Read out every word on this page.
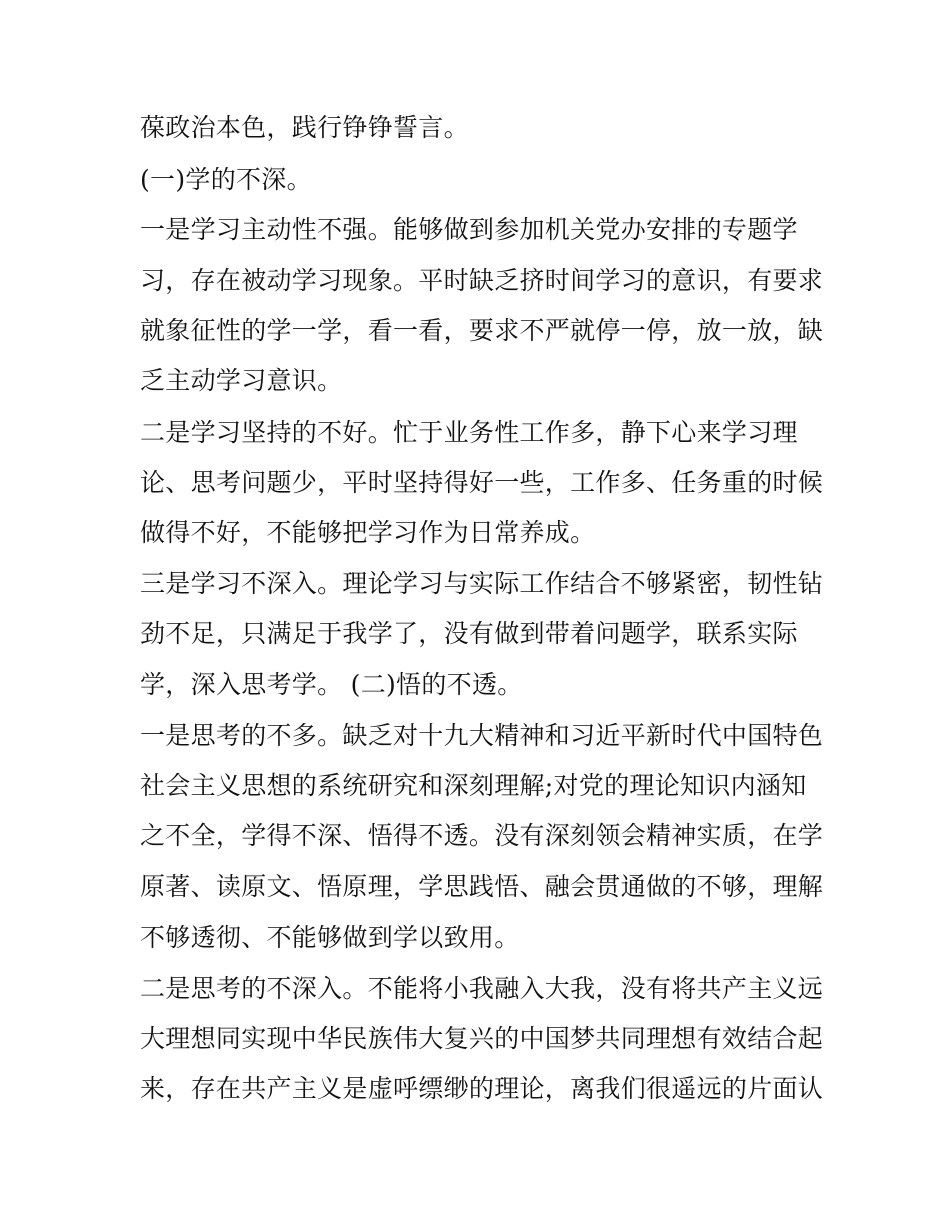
葆政治本色，践行铮铮誓言。
(一)学的不深。
一是学习主动性不强。能够做到参加机关党办安排的专题学
习，存在被动学习现象。平时缺乏挤时间学习的意识，有要求
就象征性的学一学，看一看，要求不严就停一停，放一放，缺
乏主动学习意识。
二是学习坚持的不好。忙于业务性工作多，静下心来学习理
论、思考问题少，平时坚持得好一些，工作多、任务重的时候
做得不好，不能够把学习作为日常养成。
三是学习不深入。理论学习与实际工作结合不够紧密，韧性钻
劲不足，只满足于我学了，没有做到带着问题学，联系实际
学，深入思考学。 (二)悟的不透。
一是思考的不多。缺乏对十九大精神和习近平新时代中国特色
社会主义思想的系统研究和深刻理解;对党的理论知识内涵知
之不全，学得不深、悟得不透。没有深刻领会精神实质，在学
原著、读原文、悟原理，学思践悟、融会贯通做的不够，理解
不够透彻、不能够做到学以致用。
二是思考的不深入。不能将小我融入大我，没有将共产主义远
大理想同实现中华民族伟大复兴的中国梦共同理想有效结合起
来，存在共产主义是虚呼缥缈的理论，离我们很遥远的片面认
